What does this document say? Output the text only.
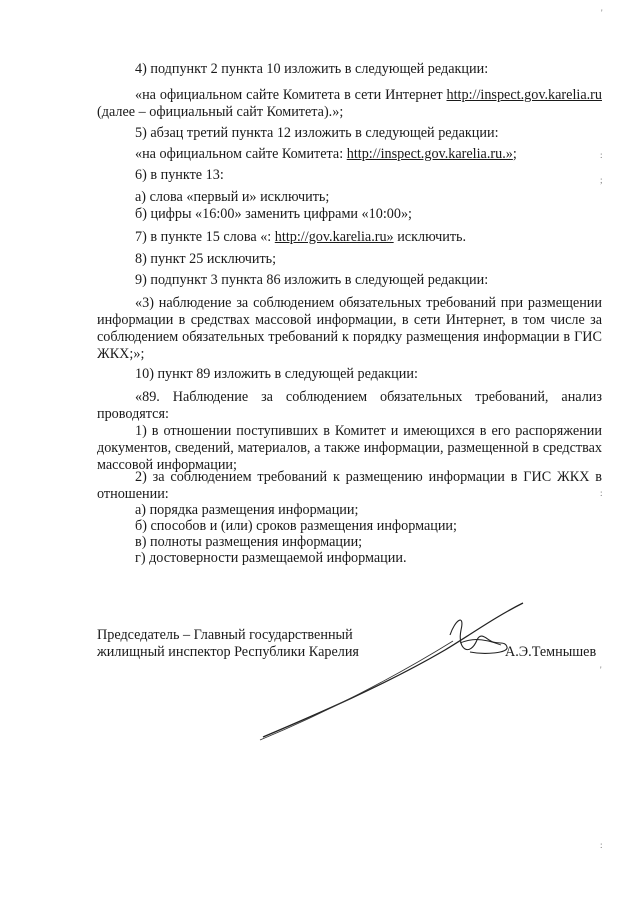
4) подпункт 2 пункта 10 изложить в следующей редакции:

«на официальном сайте Комитета в сети Интернет http://inspect.gov.karelia.ru (далее – официальный сайт Комитета).»;

5) абзац третий пункта 12 изложить в следующей редакции:

«на официальном сайте Комитета: http://inspect.gov.karelia.ru.»;

6) в пункте 13:

а) слова «первый и» исключить;

б) цифры «16:00» заменить цифрами «10:00»;

7) в пункте 15 слова «: http://gov.karelia.ru» исключить.

8) пункт 25 исключить;

9) подпункт 3 пункта 86 изложить в следующей редакции:

«3) наблюдение за соблюдением обязательных требований при размещении информации в средствах массовой информации, в сети Интернет, в том числе за соблюдением обязательных требований к порядку размещения информации в ГИС ЖКХ;»;

10) пункт 89 изложить в следующей редакции:

«89. Наблюдение за соблюдением обязательных требований, анализ проводятся:

1) в отношении поступивших в Комитет и имеющихся в его распоряжении документов, сведений, материалов, а также информации, размещенной в средствах массовой информации;

2) за соблюдением требований к размещению информации в ГИС ЖКХ в отношении:

а) порядка размещения информации;

б) способов и (или) сроков размещения информации;

в) полноты размещения информации;

г) достоверности размещаемой информации.

Председатель – Главный государственный
жилищный инспектор Республики Карелия	А.Э.Темнышев
'
:
;
:
'
:
